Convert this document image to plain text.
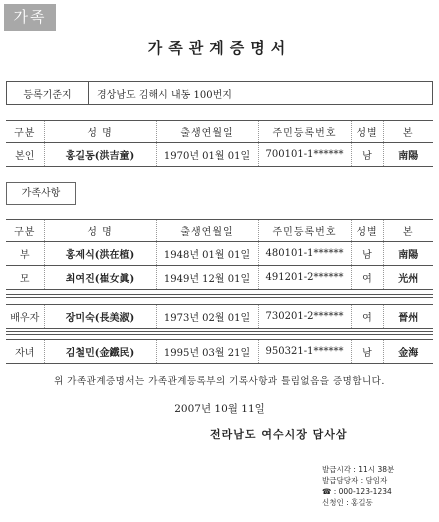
가족
가족관계증명서
등록기준지	경상남도 김해시 내동 100번지
구분	성 명	출생연월일	주민등록번호	성별	본
본인	홍길동(洪吉童)	1970년 01월 01일	700101-1******	남	南陽
가족사항
구분	성 명	출생연월일	주민등록번호	성별	본
부	홍제식(洪在植)	1948년 01월 01일	480101-1******	남	南陽
모	최여진(崔女眞)	1949년 12월 01일	491201-2******	여	光州
배우자	장미숙(長美淑)	1973년 02월 01일	730201-2******	여	晉州
자녀	김철민(金鐵民)	1995년 03월 21일	950321-1******	남	金海
위 가족관계증명서는 가족관계등록부의 기록사항과 틀림없음을 증명합니다.
2007년 10월 11일
전라남도 여수시장 담사삼
발급시각 : 11시 38분
발급담당자 : 담임자
☎ : 000-123-1234
신청인 : 홍길동
